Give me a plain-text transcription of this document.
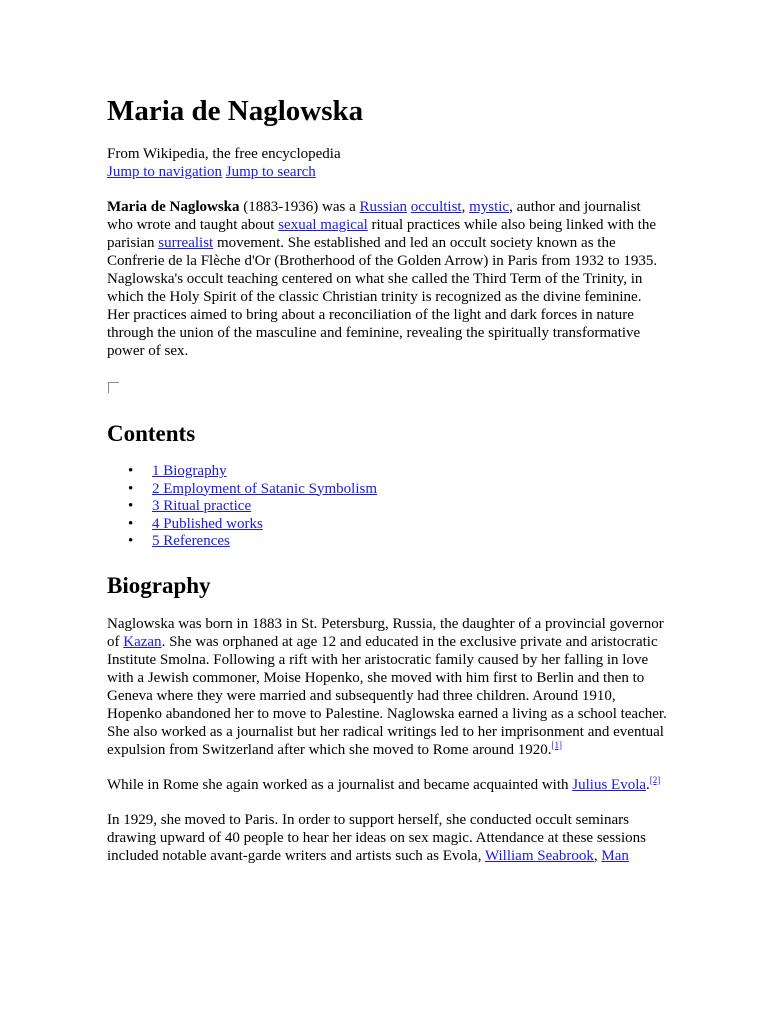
Maria de Naglowska
From Wikipedia, the free encyclopedia
Jump to navigation Jump to search

Maria de Naglowska (1883-1936) was a Russian occultist, mystic, author and journalist who wrote and taught about sexual magical ritual practices while also being linked with the parisian surrealist movement. She established and led an occult society known as the Confrerie de la Flèche d'Or (Brotherhood of the Golden Arrow) in Paris from 1932 to 1935. Naglowska's occult teaching centered on what she called the Third Term of the Trinity, in which the Holy Spirit of the classic Christian trinity is recognized as the divine feminine. Her practices aimed to bring about a reconciliation of the light and dark forces in nature through the union of the masculine and feminine, revealing the spiritually transformative power of sex.

Contents
• 1 Biography
• 2 Employment of Satanic Symbolism
• 3 Ritual practice
• 4 Published works
• 5 References
Biography

Naglowska was born in 1883 in St. Petersburg, Russia, the daughter of a provincial governor of Kazan. She was orphaned at age 12 and educated in the exclusive private and aristocratic Institute Smolna. Following a rift with her aristocratic family caused by her falling in love with a Jewish commoner, Moise Hopenko, she moved with him first to Berlin and then to Geneva where they were married and subsequently had three children. Around 1910, Hopenko abandoned her to move to Palestine. Naglowska earned a living as a school teacher. She also worked as a journalist but her radical writings led to her imprisonment and eventual expulsion from Switzerland after which she moved to Rome around 1920.[1]

While in Rome she again worked as a journalist and became acquainted with Julius Evola.[2]

In 1929, she moved to Paris. In order to support herself, she conducted occult seminars drawing upward of 40 people to hear her ideas on sex magic. Attendance at these sessions included notable avant-garde writers and artists such as Evola, William Seabrook, Man
